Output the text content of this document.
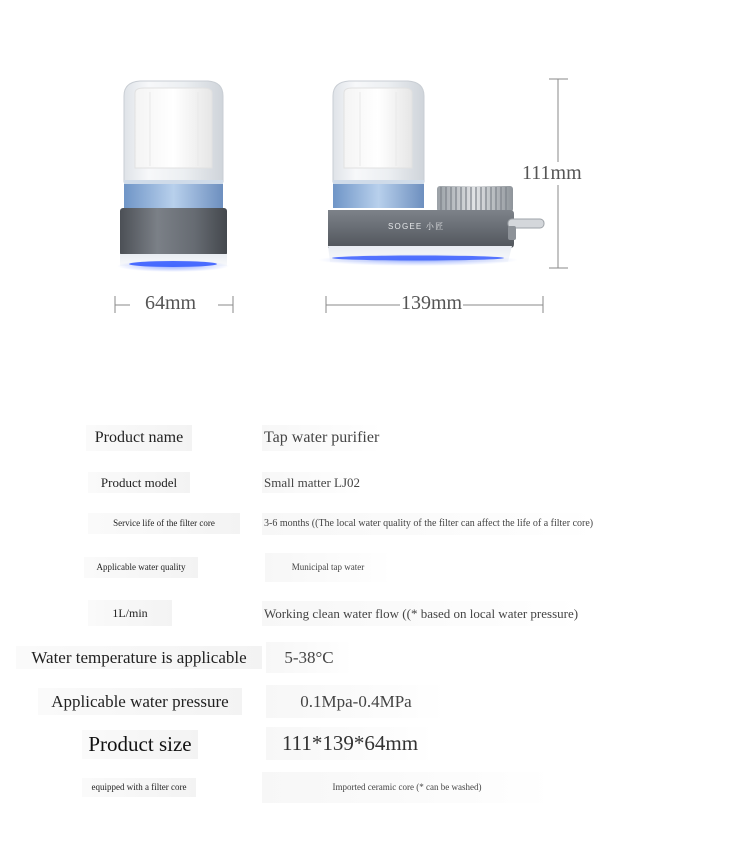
SOGEE 小匠
64mm	139mm
111mm
Product name	Tap water purifier
Product model	Small matter LJ02
Service life of the filter core	3-6 months ((The local water quality of the filter can affect the life of a filter core)
Applicable water quality	Municipal tap water
1L/min	Working clean water flow ((* based on local water pressure)
Water temperature is applicable	5-38°C
Applicable water pressure	0.1Mpa-0.4MPa
Product size	111*139*64mm
equipped with a filter core	Imported ceramic core (* can be washed)
